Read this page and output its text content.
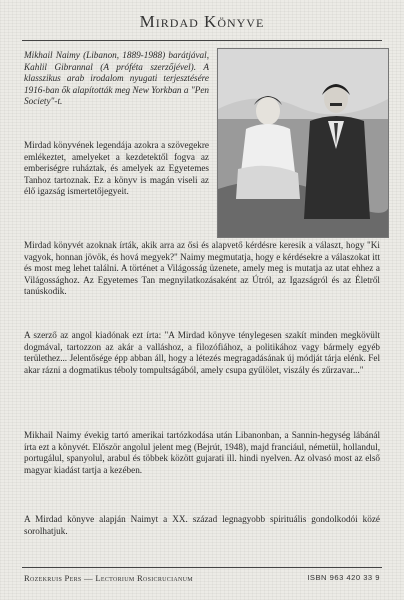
Mirdad Könyve
Mikhail Naimy (Libanon, 1889-1988) barátjával, Kahlil Gibrannal (A próféta szerzőjével). A klasszikus arab irodalom nyugati terjesztésére 1916-ban ők alapították meg New Yorkban a "Pen Society"-t.
Mirdad könyvének legendája azokra a szövegekre emlékeztet, amelyeket a kezdetektől fogva az emberiségre ruháztak, és amelyek az Egyetemes Tanhoz tartoznak. Ez a könyv is magán viseli az élő igazság ismertetőjegyeit.
Mirdad könyvét azoknak írták, akik arra az ősi és alapvető kérdésre keresik a választ, hogy "Ki vagyok, honnan jövök, és hová megyek?" Naimy megmutatja, hogy e kérdésekre a válaszokat itt és most meg lehet találni. A történet a Világosság üzenete, amely meg is mutatja az utat ehhez a Világossághoz. Az Egyetemes Tan megnyilatkozásaként az Útról, az Igazságról és az Életről tanúskodik.
A szerző az angol kiadónak ezt írta: "A Mirdad könyve ténylegesen szakít minden megkövült dogmával, tartozzon az akár a valláshoz, a filozófiához, a politikához vagy bármely egyéb területhez... Jelentősége épp abban áll, hogy a létezés megragadásának új módját tárja elénk. Fel akar rázni a dogmatikus téboly tompultságából, amely csupa gyűlölet, viszály és zűrzavar..."
Mikhail Naimy évekig tartó amerikai tartózkodása után Libanonban, a Sannin-hegység lábánál írta ezt a könyvét. Először angolul jelent meg (Bejrút, 1948), majd franciául, németül, hollandul, portugálul, spanyolul, arabul és többek között gujarati ill. hindi nyelven. Az olvasó most az első magyar kiadást tartja a kezében.
A Mirdad könyve alapján Naimyt a XX. század legnagyobb spirituális gondolkodói közé sorolhatjuk.
Rozekruis Pers — Lectorium Rosicrucianum	ISBN 963 420 33 9
